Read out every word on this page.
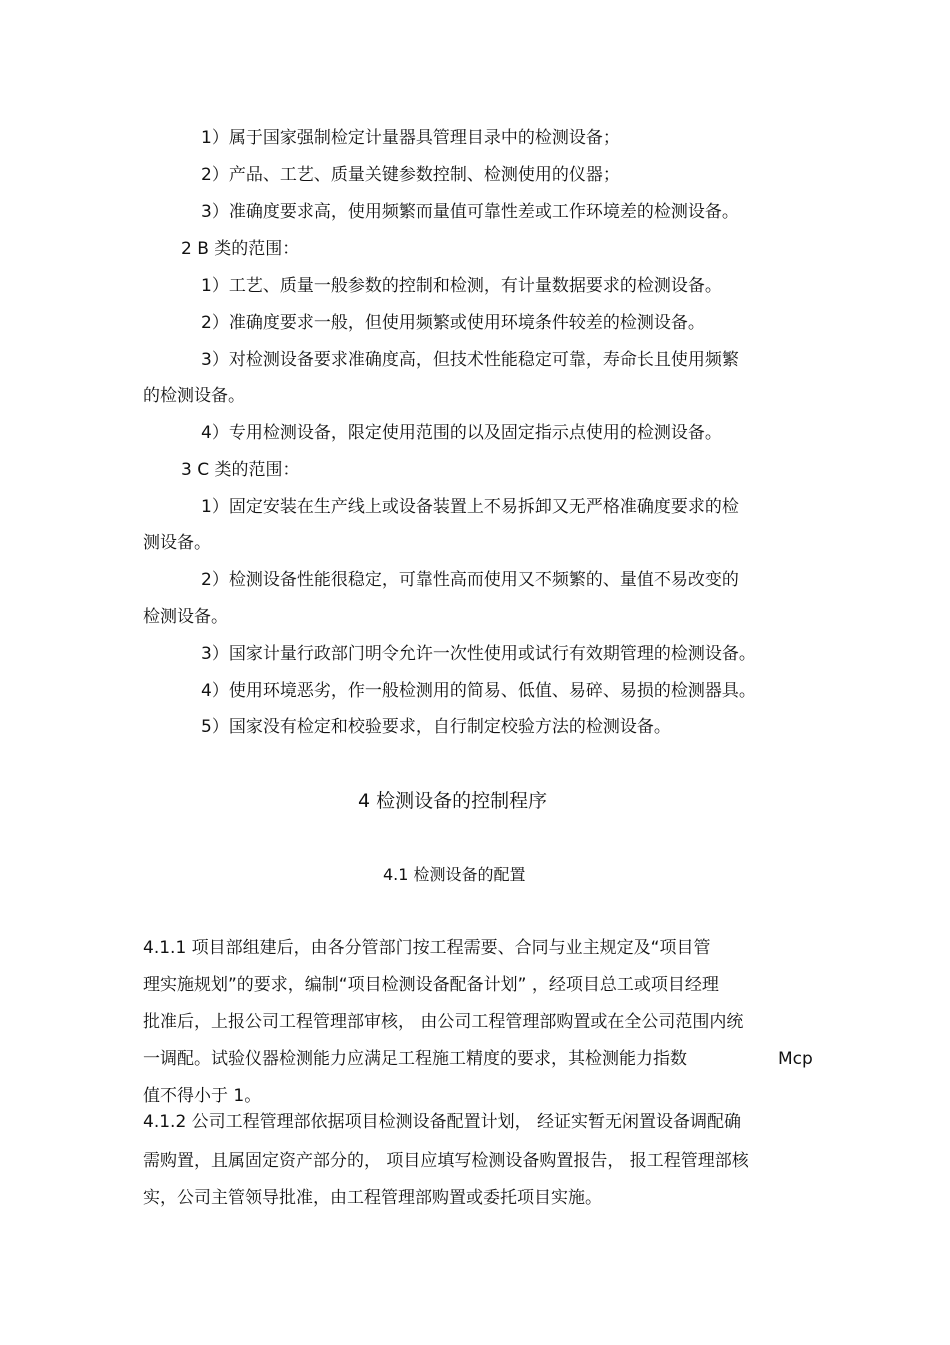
1）属于国家强制检定计量器具管理目录中的检测设备；
2）产品、工艺、质量关键参数控制、检测使用的仪器；
3）准确度要求高，使用频繁而量值可靠性差或工作环境差的检测设备。
2 B 类的范围：
1）工艺、质量一般参数的控制和检测，有计量数据要求的检测设备。
2）准确度要求一般，但使用频繁或使用环境条件较差的检测设备。
3）对检测设备要求准确度高，但技术性能稳定可靠，寿命长且使用频繁
的检测设备。
4）专用检测设备，限定使用范围的以及固定指示点使用的检测设备。
3 C 类的范围：
1）固定安装在生产线上或设备装置上不易拆卸又无严格准确度要求的检
测设备。
2）检测设备性能很稳定，可靠性高而使用又不频繁的、量值不易改变的
检测设备。
3）国家计量行政部门明令允许一次性使用或试行有效期管理的检测设备。
4）使用环境恶劣，作一般检测用的简易、低值、易碎、易损的检测器具。
5）国家没有检定和校验要求，自行制定校验方法的检测设备。
4 检测设备的控制程序
4.1 检测设备的配置
4.1.1 项目部组建后，由各分管部门按工程需要、合同与业主规定及“项目管
理实施规划”的要求，编制“项目检测设备配备计划” ，经项目总工或项目经理
批准后，上报公司工程管理部审核， 由公司工程管理部购置或在全公司范围内统
一调配。试验仪器检测能力应满足工程施工精度的要求，其检测能力指数	Mcp
值不得小于 1。
4.1.2 公司工程管理部依据项目检测设备配置计划， 经证实暂无闲置设备调配确
需购置，且属固定资产部分的， 项目应填写检测设备购置报告， 报工程管理部核
实，公司主管领导批准，由工程管理部购置或委托项目实施。
